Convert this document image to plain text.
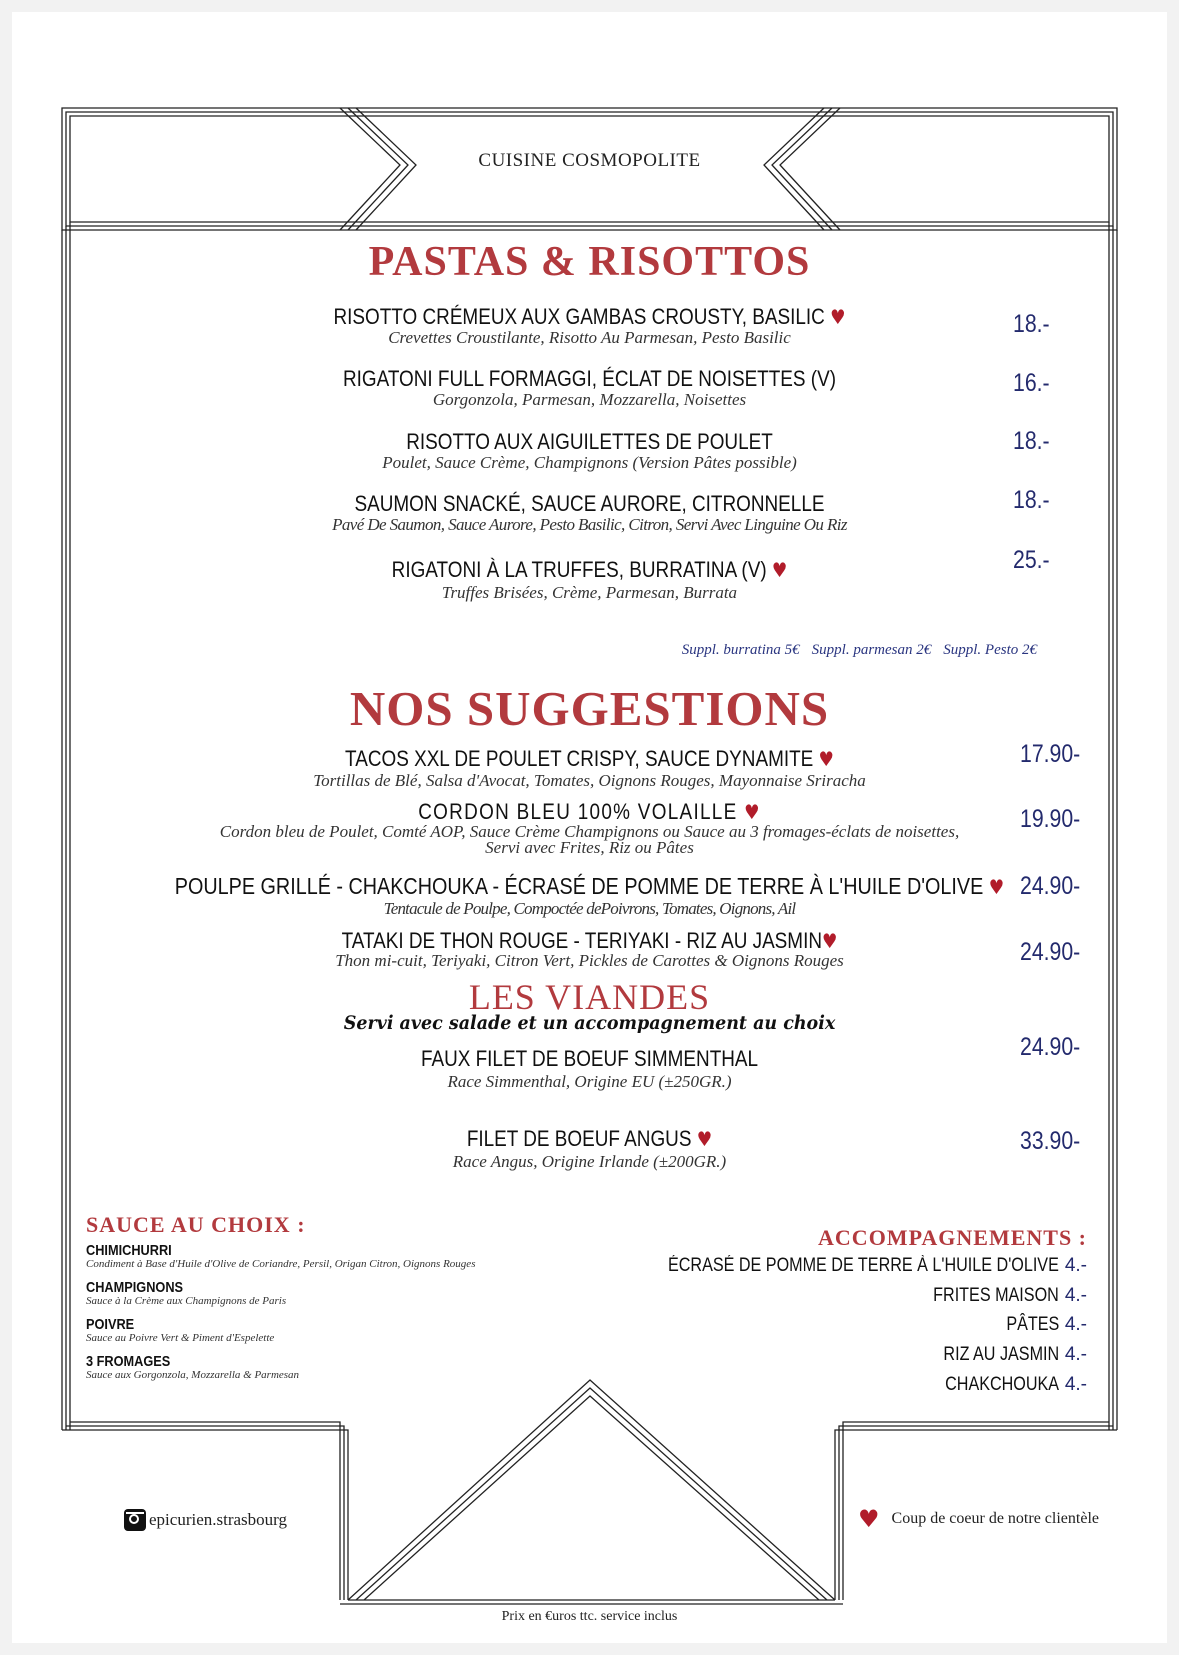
CUISINE COSMOPOLITE
PASTAS & RISOTTOS
RISOTTO CRÉMEUX AUX GAMBAS CROUSTY, BASILIC ♥
Crevettes Croustilante, Risotto Au Parmesan, Pesto Basilic	18.-
RIGATONI FULL FORMAGGI, ÉCLAT DE NOISETTES (V)
Gorgonzola, Parmesan, Mozzarella, Noisettes
16.-
RISOTTO AUX AIGUILETTES DE POULET
Poulet, Sauce Crème, Champignons (Version Pâtes possible)
18.-
SAUMON SNACKÉ, SAUCE AURORE, CITRONNELLE
Pavé De Saumon, Sauce Aurore, Pesto Basilic, Citron, Servi Avec Linguine Ou Riz
18.-
RIGATONI À LA TRUFFES, BURRATINA (V) ♥
Truffes Brisées, Crème, Parmesan, Burrata
25.-
Suppl. burratina 5€ Suppl. parmesan 2€ Suppl. Pesto 2€
NOS SUGGESTIONS
TACOS XXL DE POULET CRISPY, SAUCE DYNAMITE ♥
Tortillas de Blé, Salsa d'Avocat, Tomates, Oignons Rouges, Mayonnaise Sriracha
17.90-
CORDON BLEU 100% VOLAILLE ♥
Cordon bleu de Poulet, Comté AOP, Sauce Crème Champignons ou Sauce au 3 fromages-éclats de noisettes,
Servi avec Frites, Riz ou Pâtes
19.90-
POULPE GRILLÉ - CHAKCHOUKA - ÉCRASÉ DE POMME DE TERRE À L'HUILE D'OLIVE ♥
Tentacule de Poulpe, Compoctée dePoivrons, Tomates, Oignons, Ail
24.90-
TATAKI DE THON ROUGE - TERIYAKI - RIZ AU JASMIN♥
Thon mi-cuit, Teriyaki, Citron Vert, Pickles de Carottes & Oignons Rouges	24.90-
LES VIANDES
Servi avec salade et un accompagnement au choix
FAUX FILET DE BOEUF SIMMENTHAL
Race Simmenthal, Origine EU (±250GR.)
24.90-
FILET DE BOEUF ANGUS ♥
Race Angus, Origine Irlande (±200GR.)
33.90-
SAUCE AU CHOIX :
CHIMICHURRI
Condiment à Base d'Huile d'Olive de Coriandre, Persil, Origan Citron, Oignons Rouges
CHAMPIGNONS
Sauce à la Crème aux Champignons de Paris
POIVRE
Sauce au Poivre Vert & Piment d'Espelette
3 FROMAGES
Sauce aux Gorgonzola, Mozzarella & Parmesan
ACCOMPAGNEMENTS :
ÉCRASÉ DE POMME DE TERRE À L'HUILE D'OLIVE 4.-
FRITES MAISON 4.-
PÂTES 4.-
RIZ AU JASMIN 4.-
CHAKCHOUKA 4.-
epicurien.strasbourg	♥ Coup de coeur de notre clientèle
Prix en €uros ttc. service inclus
